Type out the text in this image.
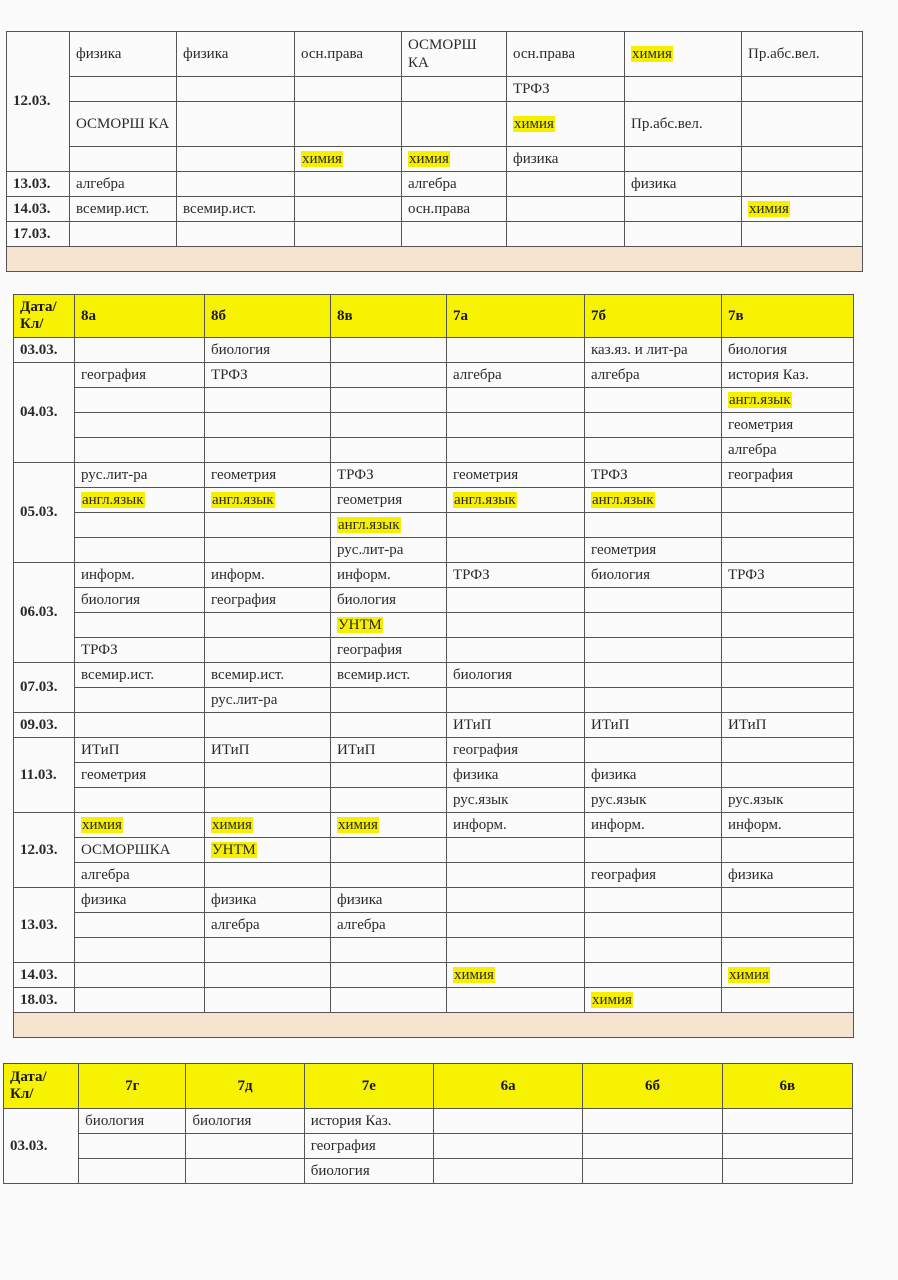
12.03.	физика	физика	осн.права	ОСМОРШ КА	осн.права	химия	Пр.абс.вел.
					ТРФЗ		
	ОСМОРШ КА				химия	Пр.абс.вел.	
			химия	химия	физика		
13.03.	алгебра			алгебра		физика	
14.03.	всемир.ист.	всемир.ист.		осн.права			химия
17.03.							

Дата/ Кл/	8а	8б	8в	7а	7б	7в
03.03.		биология			каз.яз. и лит-ра	биология
04.03.	география	ТРФЗ		алгебра	алгебра	история Каз.
						англ.язык
						геометрия
						алгебра
05.03.	рус.лит-ра	геометрия	ТРФЗ	геометрия	ТРФЗ	география
	англ.язык	англ.язык	геометрия	англ.язык	англ.язык	
			англ.язык			
			рус.лит-ра		геометрия	
06.03.	информ.	информ.	информ.	ТРФЗ	биология	ТРФЗ
	биология	география	биология			
			УНТМ			
	ТРФЗ		география			
07.03.	всемир.ист.	всемир.ист.	всемир.ист.	биология		
		рус.лит-ра				
09.03.				ИТиП	ИТиП	ИТиП
11.03.	ИТиП	ИТиП	ИТиП	география		
	геометрия			физика	физика	
				рус.язык	рус.язык	рус.язык
12.03.	химия	химия	химия	информ.	информ.	информ.
	ОСМОРШКА	УНТМ				
	алгебра				география	физика
13.03.	физика	физика	физика			
		алгебра	алгебра			

14.03.				химия		химия
18.03.					химия	

Дата/ Кл/	7г	7д	7е	6а	6б	6в
03.03.	биология	биология	история Каз.			
			география			
			биология			
